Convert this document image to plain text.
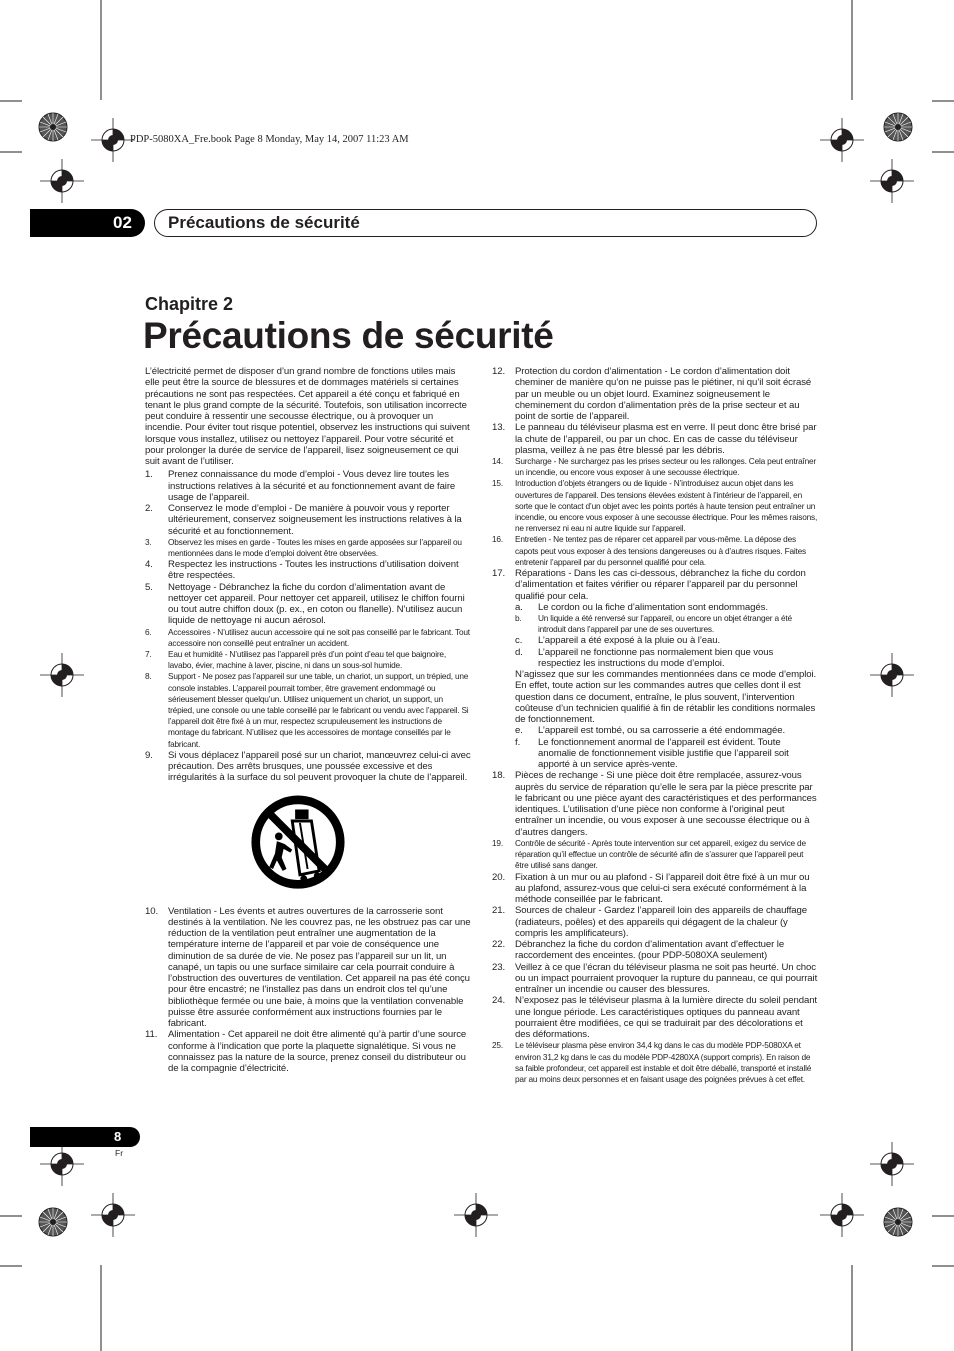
PDP-5080XA_Fre.book Page 8 Monday, May 14, 2007 11:23 AM
02	Précautions de sécurité
Chapitre 2
Précautions de sécurité

L’électricité permet de disposer d’un grand nombre de fonctions utiles mais elle peut être la source de blessures et de dommages matériels si certaines précautions ne sont pas respectées. Cet appareil a été conçu et fabriqué en tenant le plus grand compte de la sécurité. Toutefois, son utilisation incorrecte peut conduire à ressentir une secousse électrique, ou à provoquer un incendie. Pour éviter tout risque potentiel, observez les instructions qui suivent lorsque vous installez, utilisez ou nettoyez l’appareil. Pour votre sécurité et pour prolonger la durée de service de l’appareil, lisez soigneusement ce qui suit avant de l’utiliser.

1. Prenez connaissance du mode d’emploi - Vous devez lire toutes les instructions relatives à la sécurité et au fonctionnement avant de faire usage de l’appareil.
2. Conservez le mode d’emploi - De manière à pouvoir vous y reporter ultérieurement, conservez soigneusement les instructions relatives à la sécurité et au fonctionnement.
3. Observez les mises en garde - Toutes les mises en garde apposées sur l’appareil ou mentionnées dans le mode d’emploi doivent être observées.
4. Respectez les instructions - Toutes les instructions d’utilisation doivent être respectées.
5. Nettoyage - Débranchez la fiche du cordon d’alimentation avant de nettoyer cet appareil. Pour nettoyer cet appareil, utilisez le chiffon fourni ou tout autre chiffon doux (p. ex., en coton ou flanelle). N’utilisez aucun liquide de nettoyage ni aucun aérosol.
6. Accessoires - N’utilisez aucun accessoire qui ne soit pas conseillé par le fabricant. Tout accessoire non conseillé peut entraîner un accident.
7. Eau et humidité - N’utilisez pas l’appareil près d’un point d’eau tel que baignoire, lavabo, évier, machine à laver, piscine, ni dans un sous-sol humide.
8. Support - Ne posez pas l’appareil sur une table, un chariot, un support, un trépied, une console instables. L’appareil pourrait tomber, être gravement endommagé ou sérieusement blesser quelqu’un. Utilisez uniquement un chariot, un support, un trépied, une console ou une table conseillé par le fabricant ou vendu avec l’appareil. Si l’appareil doit être fixé à un mur, respectez scrupuleusement les instructions de montage du fabricant. N’utilisez que les accessoires de montage conseillés par le fabricant.
9. Si vous déplacez l’appareil posé sur un chariot, manœuvrez celui-ci avec précaution. Des arrêts brusques, une poussée excessive et des irrégularités à la surface du sol peuvent provoquer la chute de l’appareil.
10. Ventilation - Les évents et autres ouvertures de la carrosserie sont destinés à la ventilation. Ne les couvrez pas, ne les obstruez pas car une réduction de la ventilation peut entraîner une augmentation de la température interne de l’appareil et par voie de conséquence une diminution de sa durée de vie. Ne posez pas l’appareil sur un lit, un canapé, un tapis ou une surface similaire car cela pourrait conduire à l’obstruction des ouvertures de ventilation. Cet appareil na pas été conçu pour être encastré; ne l’installez pas dans un endroit clos tel qu’une bibliothèque fermée ou une baie, à moins que la ventilation convenable puisse être assurée conformément aux instructions fournies par le fabricant.
11. Alimentation - Cet appareil ne doit être alimenté qu’à partir d’une source conforme à l’indication que porte la plaquette signalétique. Si vous ne connaissez pas la nature de la source, prenez conseil du distributeur ou de la compagnie d’électricité.
12. Protection du cordon d’alimentation - Le cordon d’alimentation doit cheminer de manière qu’on ne puisse pas le piétiner, ni qu’il soit écrasé par un meuble ou un objet lourd. Examinez soigneusement le cheminement du cordon d’alimentation près de la prise secteur et au point de sortie de l’appareil.
13. Le panneau du téléviseur plasma est en verre. Il peut donc être brisé par la chute de l’appareil, ou par un choc. En cas de casse du téléviseur plasma, veillez à ne pas être blessé par les débris.
14. Surcharge - Ne surchargez pas les prises secteur ou les rallonges. Cela peut entraîner un incendie, ou encore vous exposer à une secousse électrique.
15. Introduction d’objets étrangers ou de liquide - N’introduisez aucun objet dans les ouvertures de l’appareil. Des tensions élevées existent à l’intérieur de l’appareil, en sorte que le contact d’un objet avec les points portés à haute tension peut entraîner un incendie, ou encore vous exposer à une secousse électrique. Pour les mêmes raisons, ne renversez ni eau ni autre liquide sur l’appareil.
16. Entretien - Ne tentez pas de réparer cet appareil par vous-même. La dépose des capots peut vous exposer à des tensions dangereuses ou à d’autres risques. Faites entretenir l’appareil par du personnel qualifié pour cela.
17. Réparations - Dans les cas ci-dessous, débranchez la fiche du cordon d’alimentation et faites vérifier ou réparer l’appareil par du personnel qualifié pour cela.
a. Le cordon ou la fiche d’alimentation sont endommagés.
b. Un liquide a été renversé sur l’appareil, ou encore un objet étranger a été introduit dans l’appareil par une de ses ouvertures.
c. L’appareil a été exposé à la pluie ou à l’eau.
d. L’appareil ne fonctionne pas normalement bien que vous respectiez les instructions du mode d’emploi.

N’agissez que sur les commandes mentionnées dans ce mode d’emploi. En effet, toute action sur les commandes autres que celles dont il est question dans ce document, entraîne, le plus souvent, l’intervention coûteuse d’un technicien qualifié à fin de rétablir les conditions normales de fonctionnement.

e. L’appareil est tombé, ou sa carrosserie a été endommagée.
f. Le fonctionnement anormal de l’appareil est évident. Toute anomalie de fonctionnement visible justifie que l’appareil soit apporté à un service après-vente.
18. Pièces de rechange - Si une pièce doit être remplacée, assurez-vous auprès du service de réparation qu’elle le sera par la pièce prescrite par le fabricant ou une pièce ayant des caractéristiques et des performances identiques. L’utilisation d’une pièce non conforme à l’original peut entraîner un incendie, ou vous exposer à une secousse électrique ou à d’autres dangers.
19. Contrôle de sécurité - Après toute intervention sur cet appareil, exigez du service de réparation qu’il effectue un contrôle de sécurité afin de s’assurer que l’appareil peut être utilisé sans danger.
20. Fixation à un mur ou au plafond - Si l’appareil doit être fixé à un mur ou au plafond, assurez-vous que celui-ci sera exécuté conformément à la méthode conseillée par le fabricant.
21. Sources de chaleur - Gardez l’appareil loin des appareils de chauffage (radiateurs, poêles) et des appareils qui dégagent de la chaleur (y compris les amplificateurs).
22. Débranchez la fiche du cordon d’alimentation avant d’effectuer le raccordement des enceintes. (pour PDP-5080XA seulement)
23. Veillez à ce que l’écran du téléviseur plasma ne soit pas heurté. Un choc ou un impact pourraient provoquer la rupture du panneau, ce qui pourrait entraîner un incendie ou causer des blessures.
24. N’exposez pas le téléviseur plasma à la lumière directe du soleil pendant une longue période. Les caractéristiques optiques du panneau avant pourraient être modifiées, ce qui se traduirait par des décolorations et des déformations.
25. Le téléviseur plasma pèse environ 34,4 kg dans le cas du modèle PDP-5080XA et environ 31,2 kg dans le cas du modèle PDP-4280XA (support compris). En raison de sa faible profondeur, cet appareil est instable et doit être déballé, transporté et installé par au moins deux personnes et en faisant usage des poignées prévues à cet effet.
8
Fr
